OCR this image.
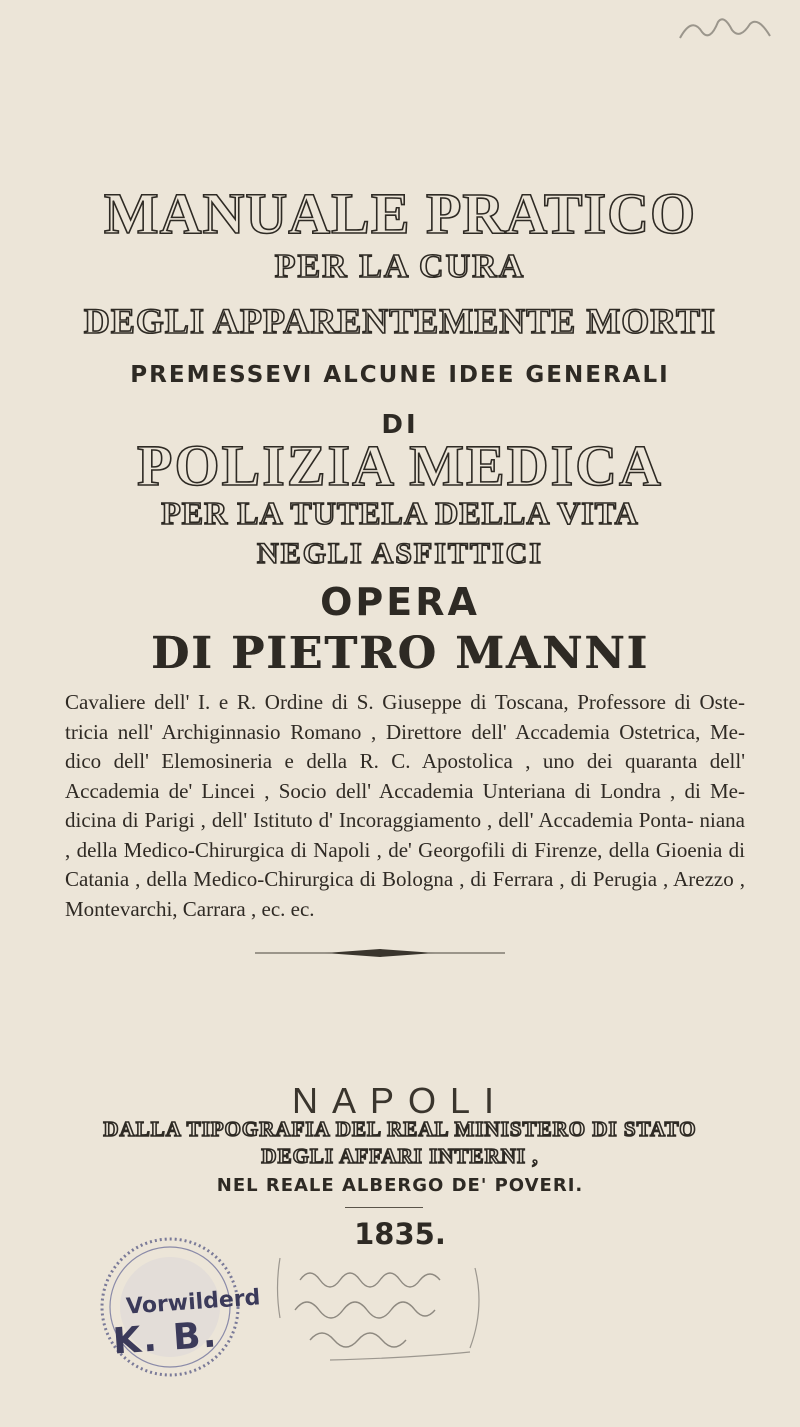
MANUALE PRATICO
PER LA CURA
DEGLI APPARENTEMENTE MORTI
PREMESSEVI ALCUNE IDEE GENERALI
DI
POLIZIA MEDICA
PER LA TUTELA DELLA VITA
NEGLI ASFITTICI
OPERA
DI PIETRO MANNI
Cavaliere dell' I. e R. Ordine di S. Giuseppe di Toscana, Professore di Oste- tricia nell' Archiginnasio Romano , Direttore dell' Accademia Ostetrica, Me- dico dell' Elemosineria e della R. C. Apostolica , uno dei quaranta dell' Accademia de' Lincei , Socio dell' Accademia Unteriana di Londra , di Me- dicina di Parigi , dell' Istituto d' Incoraggiamento , dell' Accademia Ponta- niana , della Medico-Chirurgica di Napoli , de' Georgofili di Firenze, della Gioenia di Catania , della Medico-Chirurgica di Bologna , di Ferrara , di Perugia , Arezzo , Montevarchi, Carrara , ec. ec.
NAPOLI
DALLA TIPOGRAFIA DEL REAL MINISTERO DI STATO
DEGLI AFFARI INTERNI ,
NEL REALE ALBERGO DE' POVERI.
1835.
Vorwilderd
K. B.
